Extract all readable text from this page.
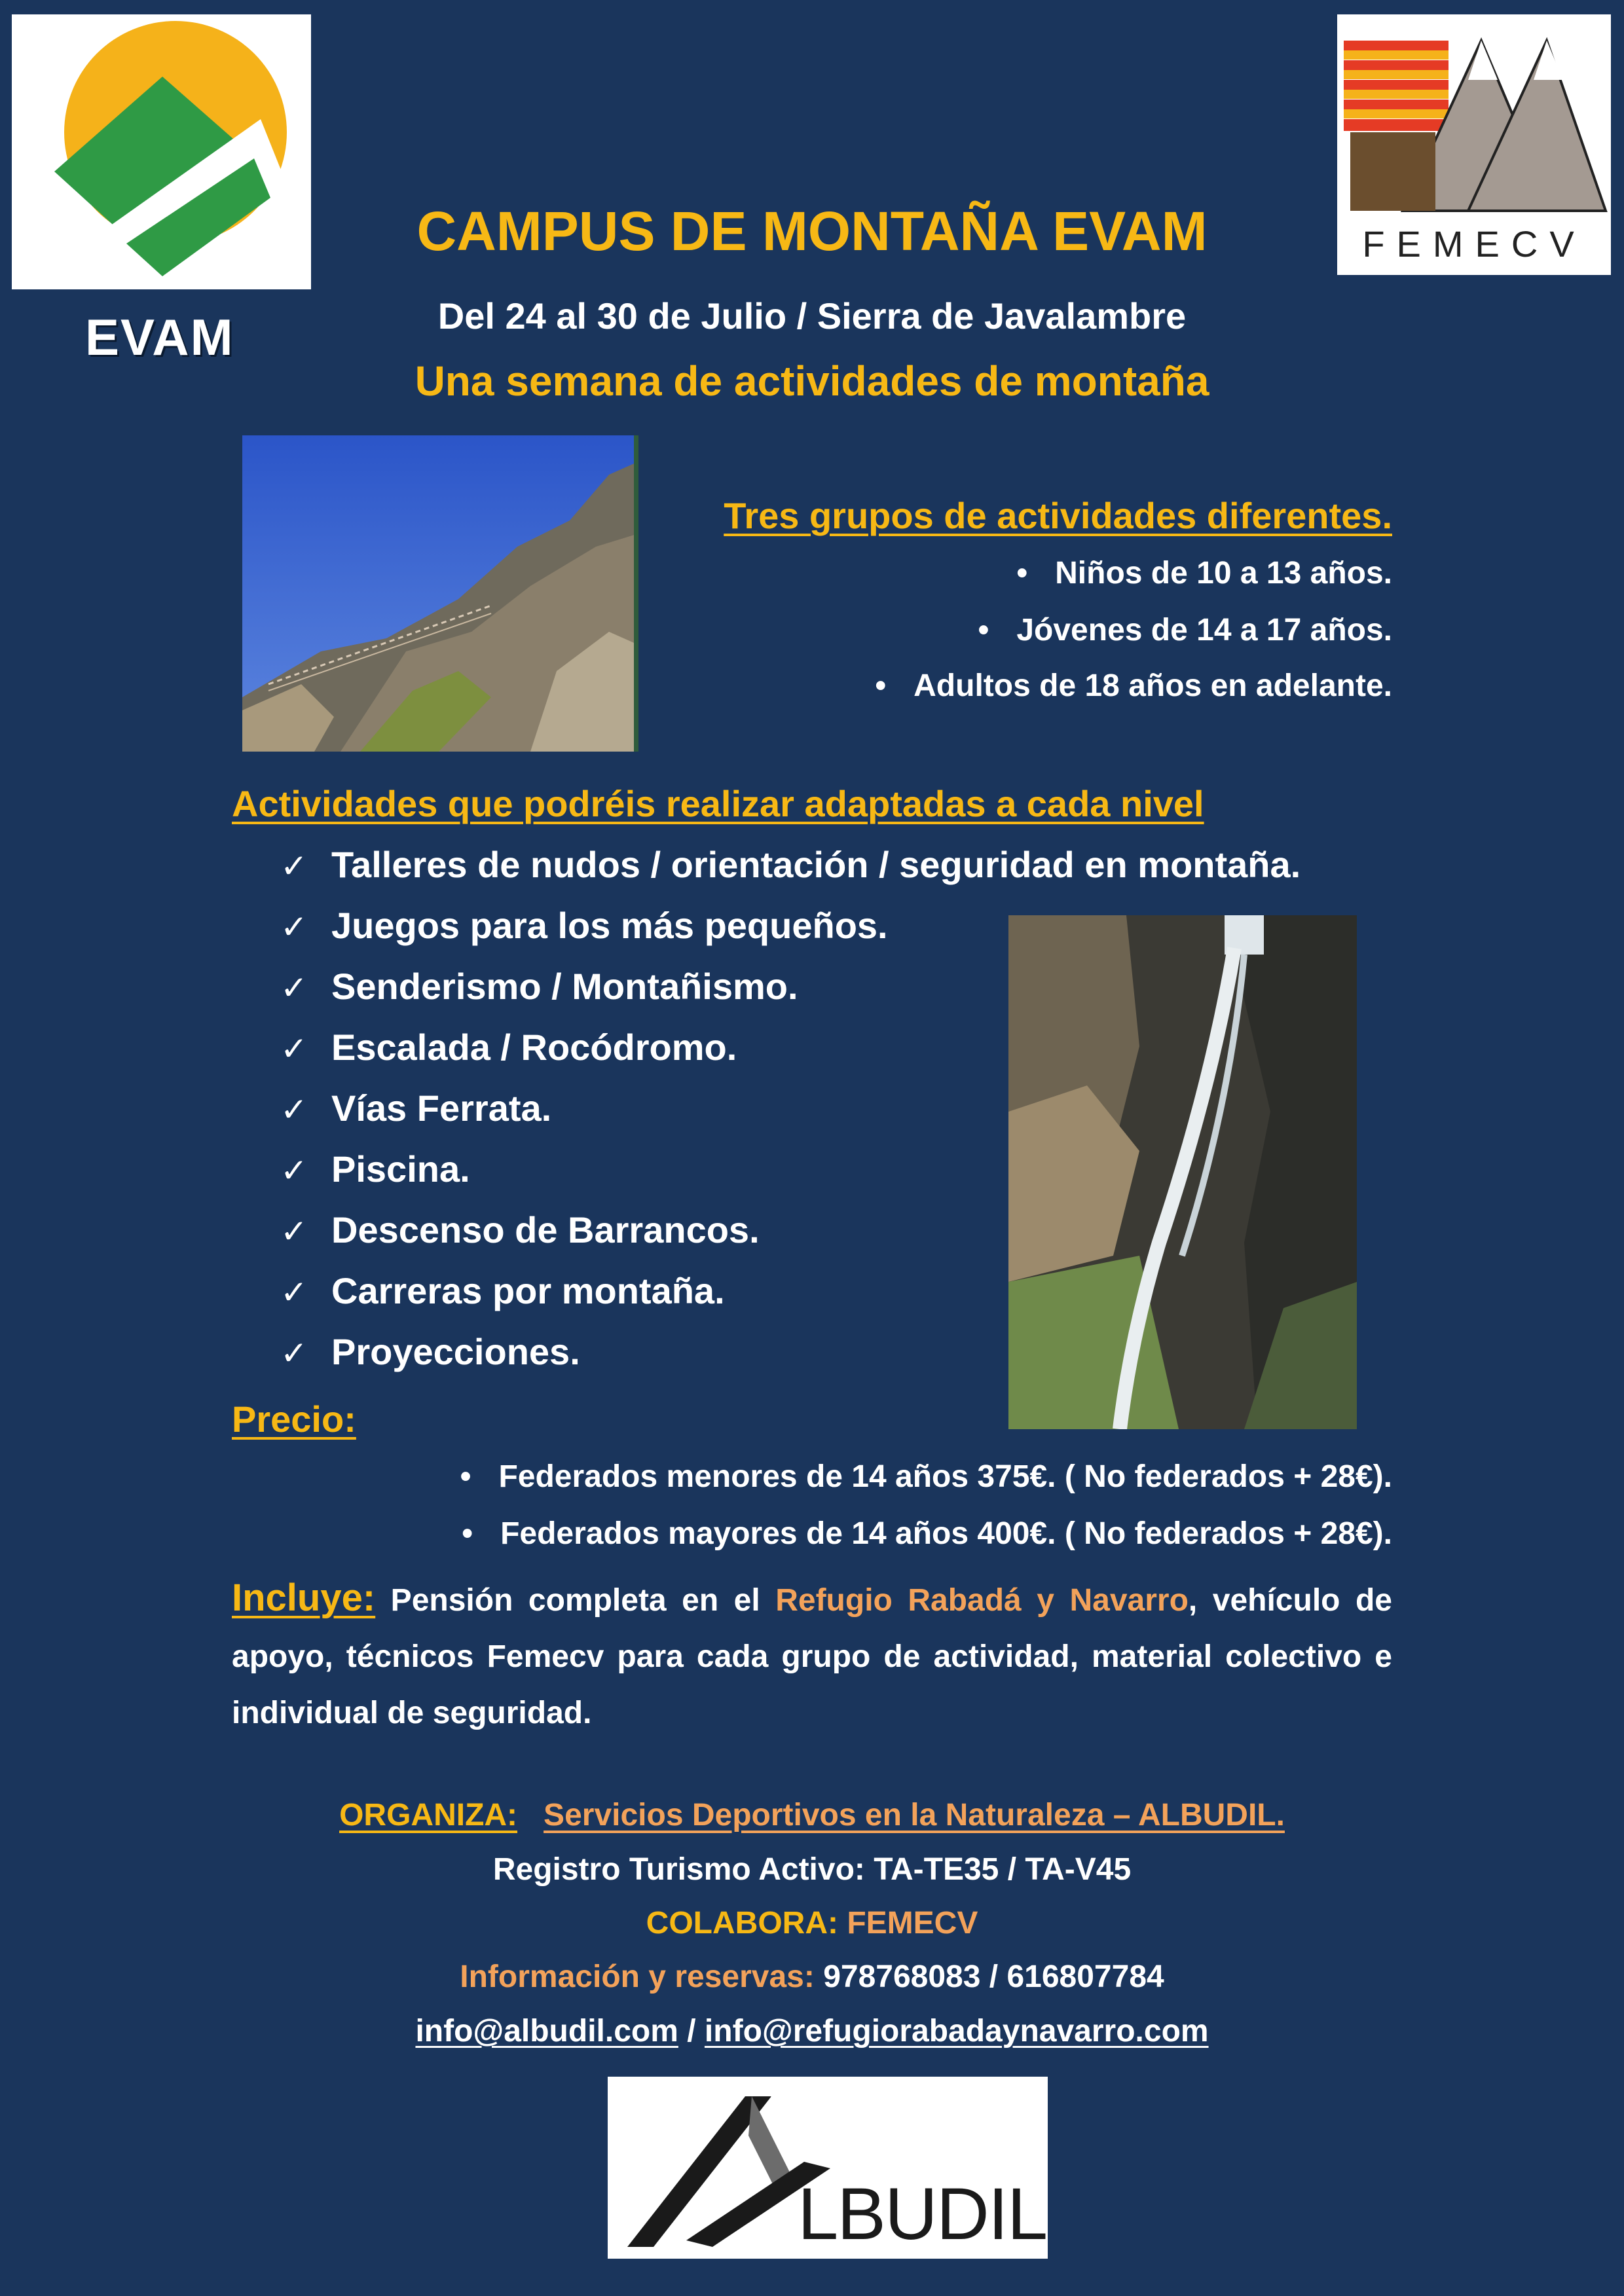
EVAM
FEMECV
CAMPUS DE MONTAÑA EVAM
Del 24 al 30 de Julio / Sierra de Javalambre
Una semana de actividades de montaña
Tres grupos de actividades diferentes.
• Niños de 10 a 13 años.
• Jóvenes de 14 a 17 años.
• Adultos de 18 años en adelante.
Actividades que podréis realizar adaptadas a cada nivel
✓ Talleres de nudos / orientación / seguridad en montaña.
✓ Juegos para los más pequeños.
✓ Senderismo / Montañismo.
✓ Escalada / Rocódromo.
✓ Vías Ferrata.
✓ Piscina.
✓ Descenso de Barrancos.
✓ Carreras por montaña.
✓ Proyecciones.
Precio:
• Federados menores de 14 años 375€. ( No federados + 28€).
• Federados mayores de 14 años 400€. ( No federados + 28€).
Incluye: Pensión completa en el Refugio Rabadá y Navarro, vehículo de apoyo, técnicos Femecv para cada grupo de actividad, material colectivo e individual de seguridad.
ORGANIZA: Servicios Deportivos en la Naturaleza – ALBUDIL.
Registro Turismo Activo: TA-TE35 / TA-V45
COLABORA: FEMECV
Información y reservas: 978768083 / 616807784
info@albudil.com / info@refugiorabadaynavarro.com
LBUDIL
